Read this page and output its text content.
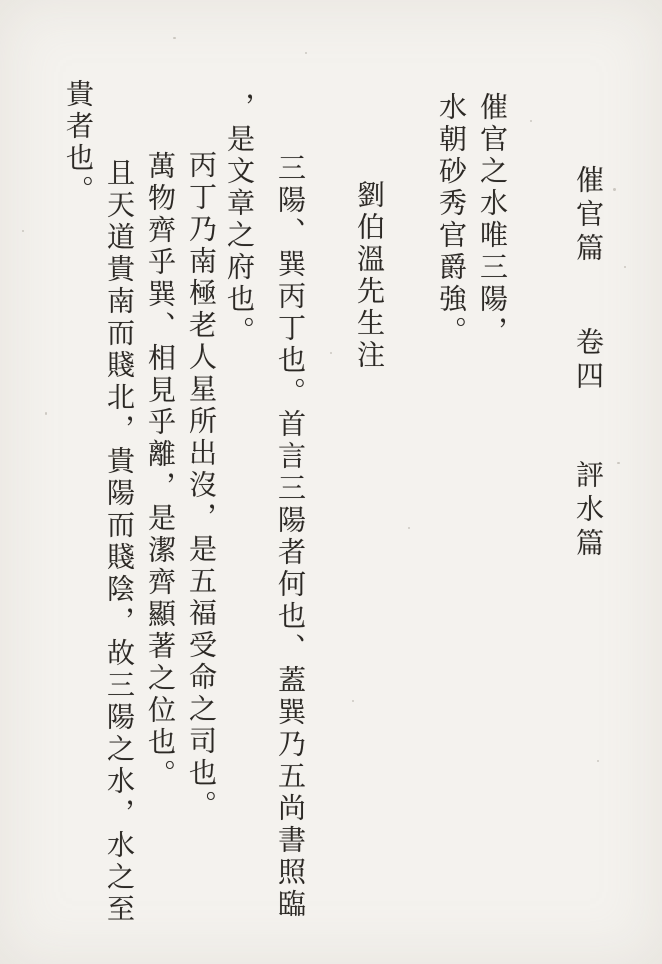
催官篇卷四評水篇
催官之水唯三陽，
水朝砂秀官爵強。
劉伯溫先生注
三陽、巽丙丁也。首言三陽者何也、蓋巽乃五尚書照臨
，是文章之府也。
丙丁乃南極老人星所出沒，是五福受命之司也。
萬物齊乎巽、相見乎離，是潔齊顯著之位也。
且天道貴南而賤北，貴陽而賤陰，故三陽之水，水之至
貴者也。
